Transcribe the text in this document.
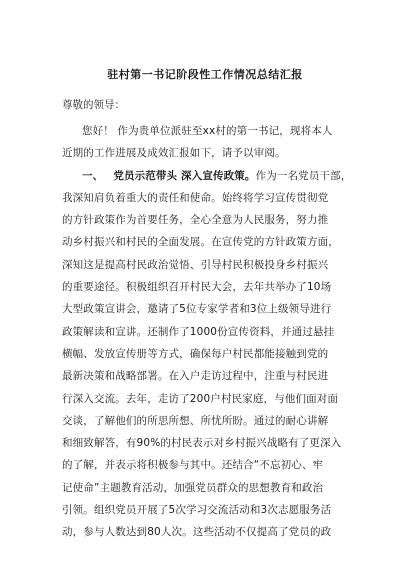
驻村第一书记阶段性工作情况总结汇报
尊敬的领导：
您好！ 作为贵单位派驻至xx村的第一书记，现将本人
近期的工作进展及成效汇报如下，请予以审阅。
一、 党员示范带头 深入宣传政策。作为一名党员干部，
我深知肩负着重大的责任和使命。始终将学习宣传贯彻党
的方针政策作为首要任务，全心全意为人民服务，努力推
动乡村振兴和村民的全面发展。在宣传党的方针政策方面，
深知这是提高村民政治觉悟、引导村民积极投身乡村振兴
的重要途径。积极组织召开村民大会，去年共举办了10场
大型政策宣讲会，邀请了5位专家学者和3位上级领导进行
政策解读和宣讲。还制作了1000份宣传资料，并通过悬挂
横幅、发放宣传册等方式，确保每户村民都能接触到党的
最新决策和战略部署。在入户走访过程中，注重与村民进
行深入交流。去年，走访了200户村民家庭，与他们面对面
交谈，了解他们的所思所想、所忧所盼。通过的耐心讲解
和细致解答，有90%的村民表示对乡村振兴战略有了更深入
的了解，并表示将积极参与其中。还结合“不忘初心、牢
记使命”主题教育活动，加强党员群众的思想教育和政治
引领。组织党员开展了5次学习交流活动和3次志愿服务活
动，参与人数达到80人次。这些活动不仅提高了党员的政
